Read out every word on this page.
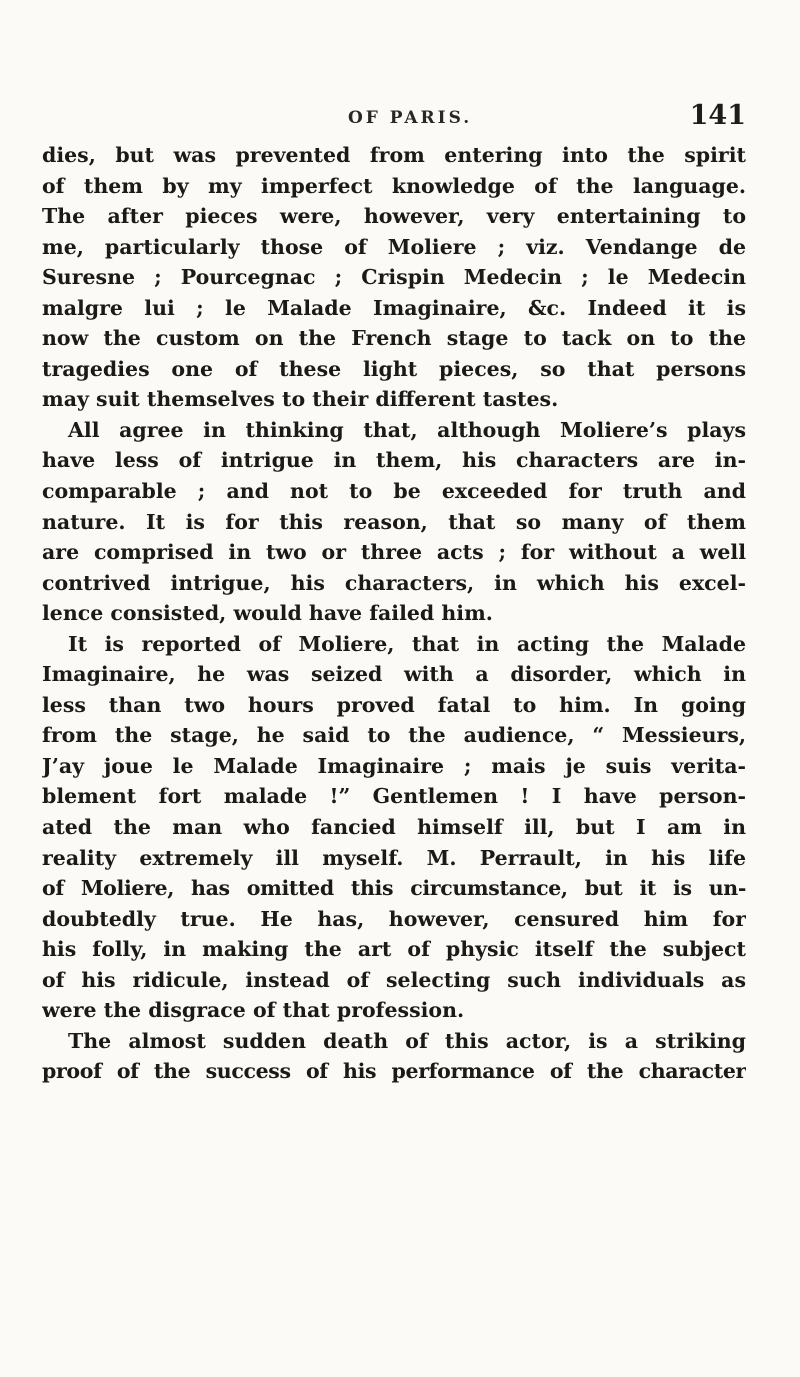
OF PARIS.	141
dies, but was prevented from entering into the spirit
of them by my imperfect knowledge of the language.
The after pieces were, however, very entertaining to
me, particularly those of Moliere ; viz. Vendange de
Suresne ; Pourcegnac ; Crispin Medecin ; le Medecin
malgre lui ; le Malade Imaginaire, &c. Indeed it is
now the custom on the French stage to tack on to the
tragedies one of these light pieces, so that persons
may suit themselves to their different tastes.
All agree in thinking that, although Moliere’s plays
have less of intrigue in them, his characters are in-
comparable ; and not to be exceeded for truth and
nature. It is for this reason, that so many of them
are comprised in two or three acts ; for without a well
contrived intrigue, his characters, in which his excel-
lence consisted, would have failed him.
It is reported of Moliere, that in acting the Malade
Imaginaire, he was seized with a disorder, which in
less than two hours proved fatal to him. In going
from the stage, he said to the audience, “ Messieurs,
J’ay joue le Malade Imaginaire ; mais je suis verita-
blement fort malade !” Gentlemen ! I have person-
ated the man who fancied himself ill, but I am in
reality extremely ill myself. M. Perrault, in his life
of Moliere, has omitted this circumstance, but it is un-
doubtedly true. He has, however, censured him for
his folly, in making the art of physic itself the subject
of his ridicule, instead of selecting such individuals as
were the disgrace of that profession.
The almost sudden death of this actor, is a striking
proof of the success of his performance of the character
